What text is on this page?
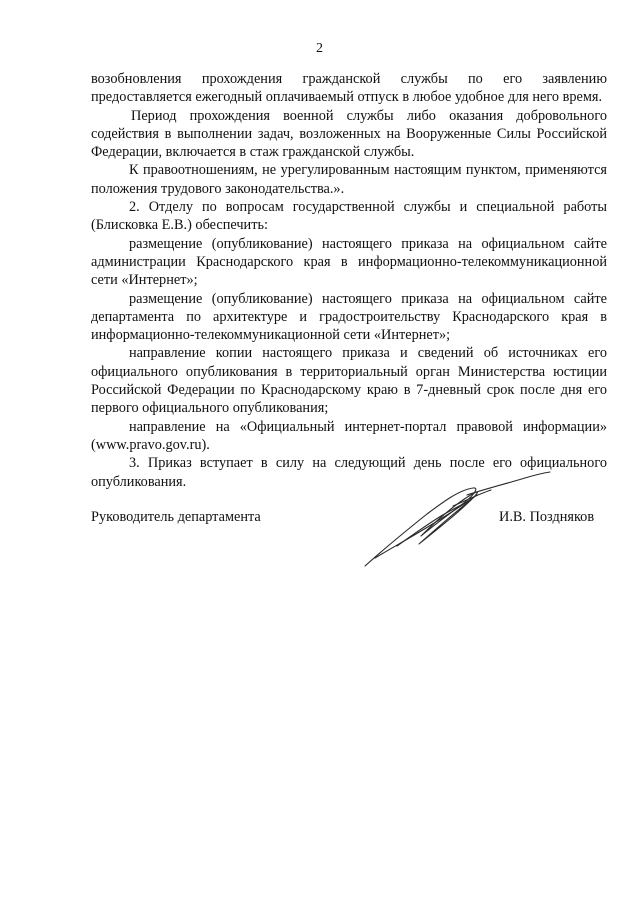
2

возобновления прохождения гражданской службы по его заявлению предоставляется ежегодный оплачиваемый отпуск в любое удобное для него время.

Период прохождения военной службы либо оказания добровольного содействия в выполнении задач, возложенных на Вооруженные Силы Российской Федерации, включается в стаж гражданской службы.

К правоотношениям, не урегулированным настоящим пунктом, применяются положения трудового законодательства.».

2. Отделу по вопросам государственной службы и специальной работы (Блисковка Е.В.) обеспечить:

размещение (опубликование) настоящего приказа на официальном сайте администрации Краснодарского края в информационно-телекоммуникационной сети «Интернет»;

размещение (опубликование) настоящего приказа на официальном сайте департамента по архитектуре и градостроительству Краснодарского края в информационно-телекоммуникационной сети «Интернет»;

направление копии настоящего приказа и сведений об источниках его официального опубликования в территориальный орган Министерства юстиции Российской Федерации по Краснодарскому краю в 7-дневный срок после дня его первого официального опубликования;

направление на «Официальный интернет-портал правовой информации» (www.pravo.gov.ru).

3. Приказ вступает в силу на следующий день после его официального опубликования.

Руководитель департамента	И.В. Поздняков
